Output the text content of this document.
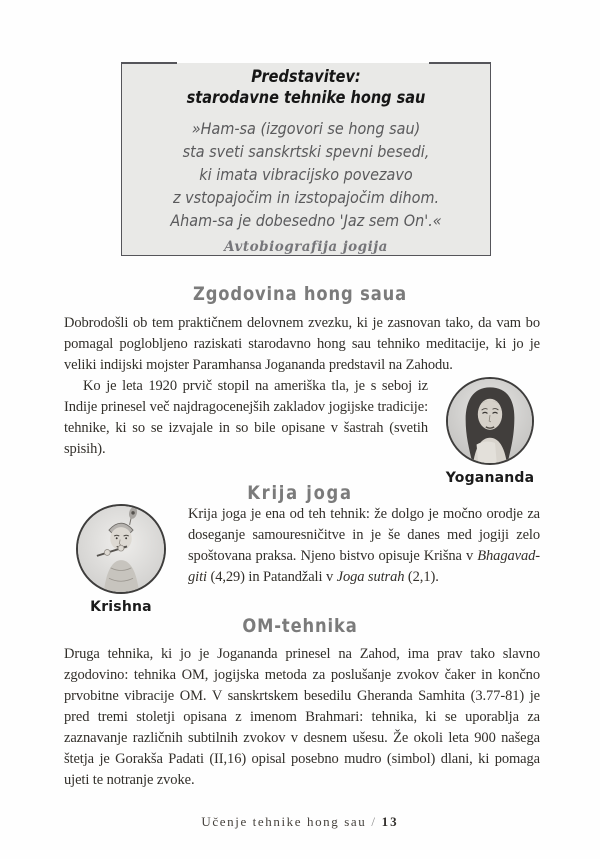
Predstavitev:
starodavne tehnike hong sau
»Ham-sa (izgovori se hong sau)
sta sveti sanskrtski spevni besedi,
ki imata vibracijsko povezavo
z vstopajočim in izstopajočim dihom.
Aham-sa je dobesedno 'Jaz sem On'.«
Avtobiografija jogija
Zgodovina hong saua
Yogananda

Dobrodošli ob tem praktičnem delovnem zvezku, ki je zasnovan tako, da vam bo pomagal poglobljeno raziskati starodavno hong sau tehniko meditacije, ki jo je veliki indijski mojster Paramhansa Jogananda predstavil na Zahodu.

Ko je leta 1920 prvič stopil na ameriška tla, je s seboj iz Indije prinesel več najdragocenejših zakladov jogijske tradicije: tehnike, ki so se izvajale in so bile opisane v šastrah (svetih spisih).

Krija joga
Krishna

Krija joga je ena od teh tehnik: že dolgo je močno orodje za doseganje samouresničitve in je še danes med jogiji zelo spoštovana praksa. Njeno bistvo opisuje Krišna v Bhagavad-giti (4,29) in Patandžali v Joga sutrah (2,1).

OM-tehnika

Druga tehnika, ki jo je Jogananda prinesel na Zahod, ima prav tako slavno zgodovino: tehnika OM, jogijska metoda za poslušanje zvokov čaker in končno prvobitne vibracije OM. V sanskrtskem besedilu Gheranda Samhita (3.77-81) je pred tremi stoletji opisana z imenom Brahmari: tehnika, ki se uporablja za zaznavanje različnih subtilnih zvokov v desnem ušesu. Že okoli leta 900 našega štetja je Gorakša Padati (II,16) opisal posebno mudro (simbol) dlani, ki pomaga ujeti te notranje zvoke.

Učenje tehnike hong sau / 13
